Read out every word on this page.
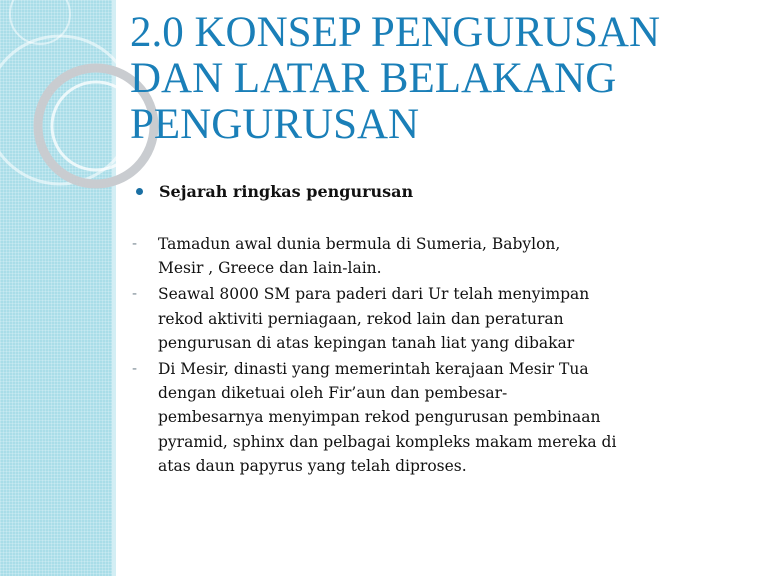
2.0 KONSEP PENGURUSAN
DAN LATAR BELAKANG
PENGURUSAN
Sejarah ringkas pengurusan
-	Tamadun awal dunia bermula di Sumeria, Babylon,
Mesir , Greece dan lain-lain.
-	Seawal 8000 SM para paderi dari Ur telah menyimpan
rekod aktiviti perniagaan, rekod lain dan peraturan
pengurusan di atas kepingan tanah liat yang dibakar
-	Di Mesir, dinasti yang memerintah kerajaan Mesir Tua
dengan diketuai oleh Fir’aun dan pembesar-
pembesarnya menyimpan rekod pengurusan pembinaan
pyramid, sphinx dan pelbagai kompleks makam mereka di
atas daun papyrus yang telah diproses.
